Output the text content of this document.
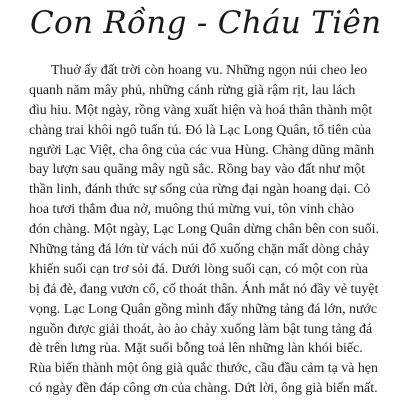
Con Rồng - Cháu Tiên
Thuở ấy đất trời còn hoang vu. Những ngọn núi cheo leo
quanh năm mây phủ, những cánh rừng già rậm rịt, lau lách
đìu hiu. Một ngày, rồng vàng xuất hiện và hoá thân thành một
chàng trai khôi ngô tuấn tú. Đó là Lạc Long Quân, tổ tiên của
người Lạc Việt, cha ông của các vua Hùng. Chàng dũng mãnh
bay lượn sau quãng mây ngũ sắc. Rồng bay vào đất như một
thần linh, đánh thức sự sống của rừng đại ngàn hoang dại. Cỏ
hoa tươi thắm đua nở, muông thú mừng vui, tôn vinh chào
đón chàng. Một ngày, Lạc Long Quân dừng chân bên con suối.
Những tảng đá lớn từ vách núi đổ xuống chặn mất dòng chảy
khiến suối cạn trơ sỏi đá. Dưới lòng suối cạn, có một con rùa
bị đá đè, đang vươn cổ, cố thoát thân. Ánh mắt nó đầy vẻ tuyệt
vọng. Lạc Long Quân gồng mình đẩy những tảng đá lớn, nước
nguồn được giải thoát, ào ào chảy xuống làm bật tung tảng đá
đè trên lưng rùa. Mặt suối bỗng toả lên những làn khói biếc.
Rùa biến thành một ông già quắc thước, cầu đầu cảm tạ và hẹn
có ngày đền đáp công ơn của chàng. Dứt lời, ông già biến mất.
